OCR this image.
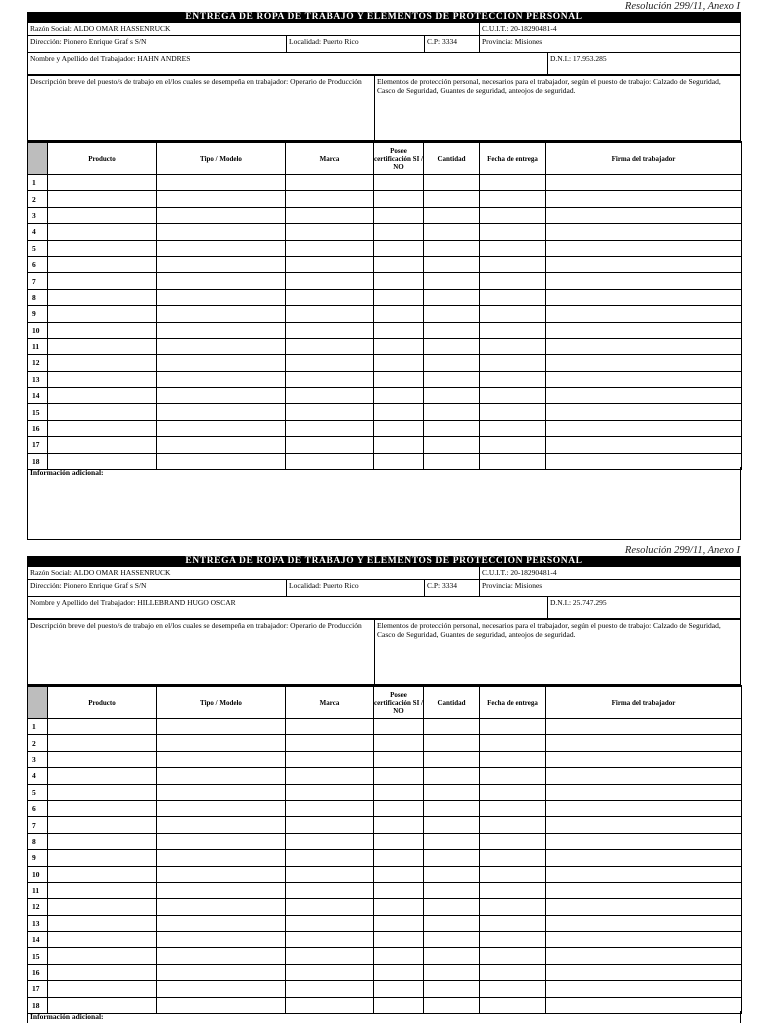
Resolución 299/11, Anexo I
ENTREGA DE ROPA DE TRABAJO Y ELEMENTOS DE PROTECCION PERSONAL
Razón Social: ALDO OMAR HASSENRUCK	C.U.I.T.: 20-18290481-4
Dirección: Pionero Enrique Graf s S/N	Localidad: Puerto Rico	C.P: 3334	Provincia: Misiones
Nombre y Apellido del Trabajador: HAHN ANDRES	D.N.I.: 17.953.285
Descripción breve del puesto/s de trabajo en el/los cuales se desempeña en trabajador: Operario de Producción	Elementos de protección personal, necesarios para el trabajador, según el puesto de trabajo: Calzado de Seguridad, Casco de Seguridad, Guantes de seguridad, anteojos de seguridad.
	Producto	Tipo / Modelo	Marca	Posee certificación SI / NO	Cantidad	Fecha de entrega	Firma del trabajador
1							
2							
3							
4							
5							
6							
7							
8							
9							
10							
11							
12							
13							
14							
15							
16							
17							
18							
Información adicional:
Resolución 299/11, Anexo I
ENTREGA DE ROPA DE TRABAJO Y ELEMENTOS DE PROTECCION PERSONAL
Razón Social: ALDO OMAR HASSENRUCK	C.U.I.T.: 20-18290481-4
Dirección: Pionero Enrique Graf s S/N	Localidad: Puerto Rico	C.P: 3334	Provincia: Misiones
Nombre y Apellido del Trabajador: HILLEBRAND HUGO OSCAR	D.N.I.: 25.747.295
Descripción breve del puesto/s de trabajo en el/los cuales se desempeña en trabajador: Operario de Producción	Elementos de protección personal, necesarios para el trabajador, según el puesto de trabajo: Calzado de Seguridad, Casco de Seguridad, Guantes de seguridad, anteojos de seguridad.
	Producto	Tipo / Modelo	Marca	Posee certificación SI / NO	Cantidad	Fecha de entrega	Firma del trabajador
1							
2							
3							
4							
5							
6							
7							
8							
9							
10							
11							
12							
13							
14							
15							
16							
17							
18							
Información adicional:
